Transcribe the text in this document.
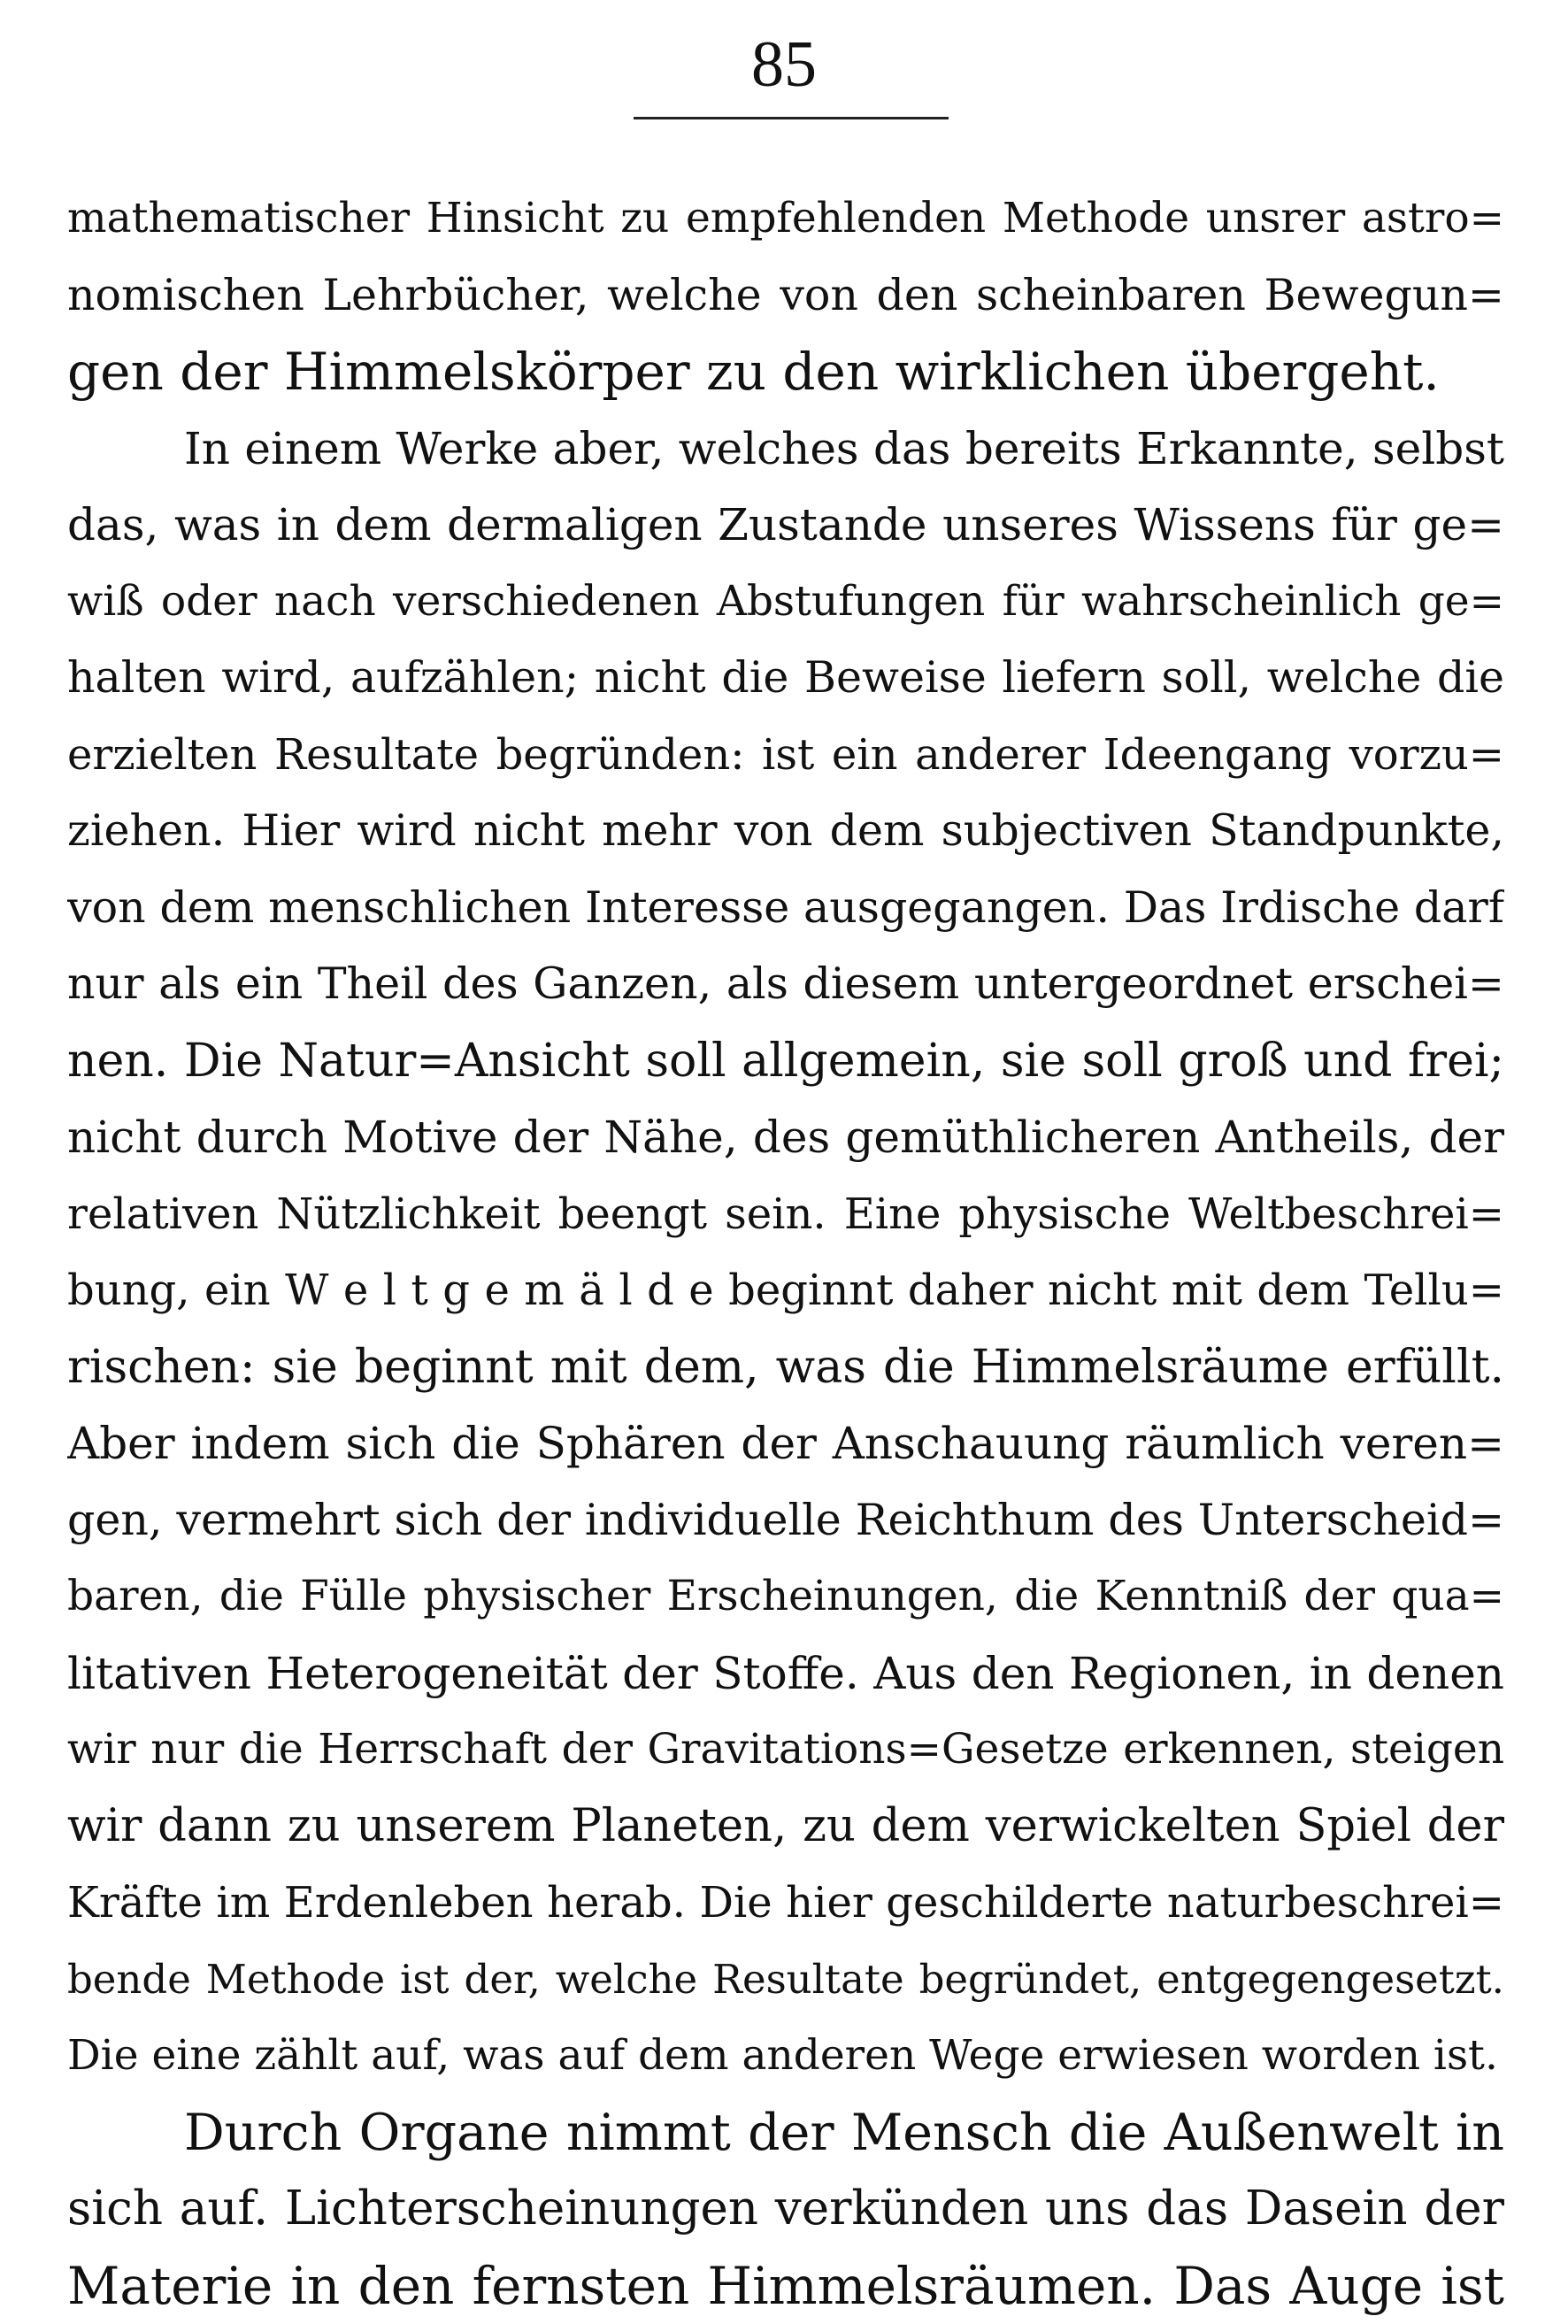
85
mathematischer Hinsicht zu empfehlenden Methode unsrer astro=
nomischen Lehrbücher, welche von den scheinbaren Bewegun=
gen der Himmelskörper zu den wirklichen übergeht.
In einem Werke aber, welches das bereits Erkannte, selbst
das, was in dem dermaligen Zustande unseres Wissens für ge=
wiß oder nach verschiedenen Abstufungen für wahrscheinlich ge=
halten wird, aufzählen; nicht die Beweise liefern soll, welche die
erzielten Resultate begründen: ist ein anderer Ideengang vorzu=
ziehen. Hier wird nicht mehr von dem subjectiven Standpunkte,
von dem menschlichen Interesse ausgegangen. Das Irdische darf
nur als ein Theil des Ganzen, als diesem untergeordnet erschei=
nen. Die Natur=Ansicht soll allgemein, sie soll groß und frei;
nicht durch Motive der Nähe, des gemüthlicheren Antheils, der
relativen Nützlichkeit beengt sein. Eine physische Weltbeschrei=
bung, ein W e l t g e m ä l d e beginnt daher nicht mit dem Tellu=
rischen: sie beginnt mit dem, was die Himmelsräume erfüllt.
Aber indem sich die Sphären der Anschauung räumlich veren=
gen, vermehrt sich der individuelle Reichthum des Unterscheid=
baren, die Fülle physischer Erscheinungen, die Kenntniß der qua=
litativen Heterogeneität der Stoffe. Aus den Regionen, in denen
wir nur die Herrschaft der Gravitations=Gesetze erkennen, steigen
wir dann zu unserem Planeten, zu dem verwickelten Spiel der
Kräfte im Erdenleben herab. Die hier geschilderte naturbeschrei=
bende Methode ist der, welche Resultate begründet, entgegengesetzt.
Die eine zählt auf, was auf dem anderen Wege erwiesen worden ist.
Durch Organe nimmt der Mensch die Außenwelt in
sich auf. Lichterscheinungen verkünden uns das Dasein der
Materie in den fernsten Himmelsräumen. Das Auge ist
